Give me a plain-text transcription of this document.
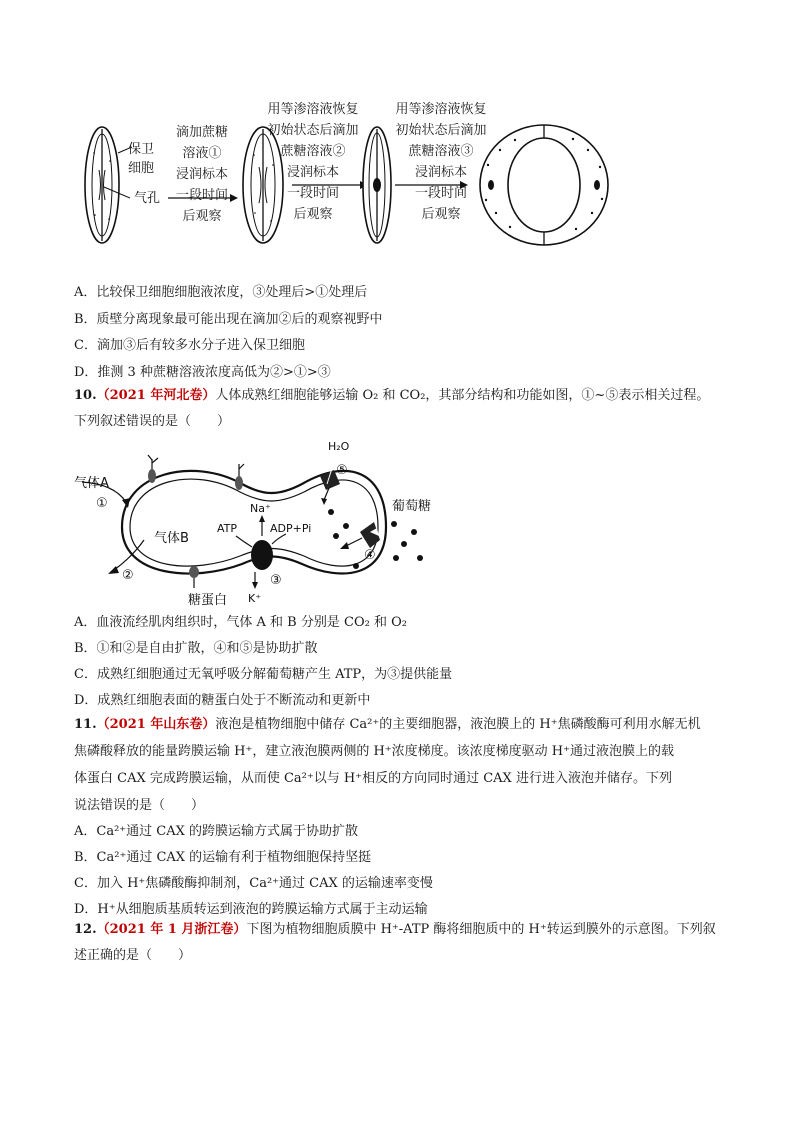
保卫
细胞
气孔
滴加蔗糖
溶液①
浸润标本
一段时间
后观察
用等渗溶液恢复
初始状态后滴加
蔗糖溶液②
浸润标本
一段时间
后观察
用等渗溶液恢复
初始状态后滴加
蔗糖溶液③
浸润标本
一段时间
后观察
A．比较保卫细胞细胞液浓度，③处理后>①处理后
B．质壁分离现象最可能出现在滴加②后的观察视野中
C．滴加③后有较多水分子进入保卫细胞
D．推测 3 种蔗糖溶液浓度高低为②>①>③
10.（2021 年河北卷）人体成熟红细胞能够运输 O₂ 和 CO₂，其部分结构和功能如图，①~⑤表示相关过程。
下列叙述错误的是（ ）
①
②	③
④
⑤
气体A
气体B
糖蛋白
H₂O
葡萄糖
Na⁺
K⁺
ATP	ADP+Pi
A．血液流经肌肉组织时，气体 A 和 B 分别是 CO₂ 和 O₂
B．①和②是自由扩散，④和⑤是协助扩散
C．成熟红细胞通过无氧呼吸分解葡萄糖产生 ATP，为③提供能量
D．成熟红细胞表面的糖蛋白处于不断流动和更新中
11.（2021 年山东卷）液泡是植物细胞中储存 Ca²⁺的主要细胞器，液泡膜上的 H⁺焦磷酸酶可利用水解无机
焦磷酸释放的能量跨膜运输 H⁺，建立液泡膜两侧的 H⁺浓度梯度。该浓度梯度驱动 H⁺通过液泡膜上的载
体蛋白 CAX 完成跨膜运输，从而使 Ca²⁺以与 H⁺相反的方向同时通过 CAX 进行进入液泡并储存。下列
说法错误的是（ ）
A．Ca²⁺通过 CAX 的跨膜运输方式属于协助扩散
B．Ca²⁺通过 CAX 的运输有利于植物细胞保持坚挺
C．加入 H⁺焦磷酸酶抑制剂，Ca²⁺通过 CAX 的运输速率变慢
D．H⁺从细胞质基质转运到液泡的跨膜运输方式属于主动运输
12.（2021 年 1 月浙江卷）下图为植物细胞质膜中 H⁺-ATP 酶将细胞质中的 H⁺转运到膜外的示意图。下列叙
述正确的是（ ）
